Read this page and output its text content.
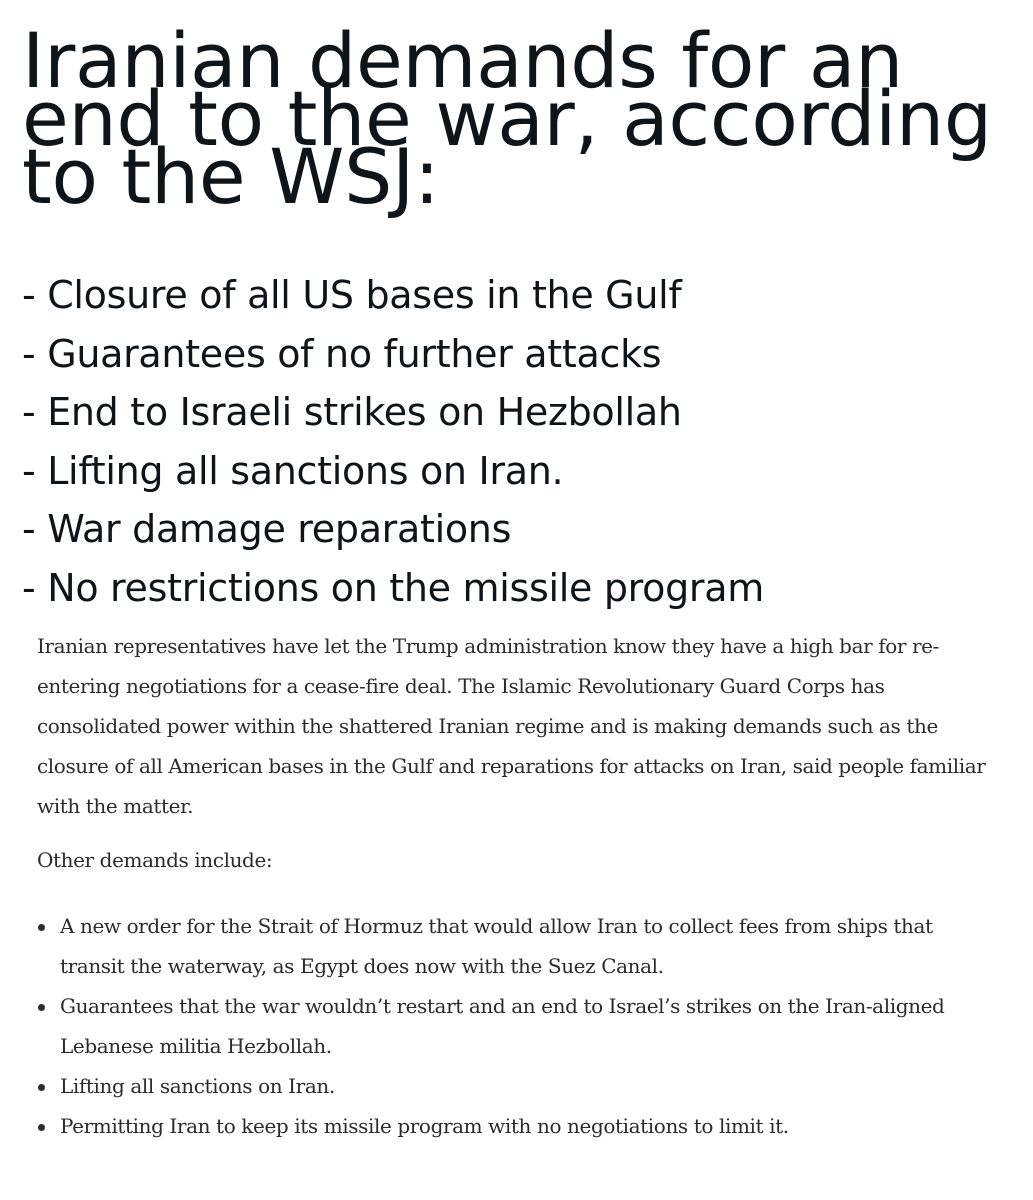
Iranian demands for an end to the war, according to the WSJ:
- Closure of all US bases in the Gulf
- Guarantees of no further attacks
- End to Israeli strikes on Hezbollah
- Lifting all sanctions on Iran.
- War damage reparations
- No restrictions on the missile program

Iranian representatives have let the Trump administration know they have a high bar for re-entering negotiations for a cease-fire deal. The Islamic Revolutionary Guard Corps has consolidated power within the shattered Iranian regime and is making demands such as the closure of all American bases in the Gulf and reparations for attacks on Iran, said people familiar with the matter.

Other demands include:

A new order for the Strait of Hormuz that would allow Iran to collect fees from ships that transit the waterway, as Egypt does now with the Suez Canal.
Guarantees that the war wouldn’t restart and an end to Israel’s strikes on the Iran-aligned Lebanese militia Hezbollah.
Lifting all sanctions on Iran.
Permitting Iran to keep its missile program with no negotiations to limit it.
